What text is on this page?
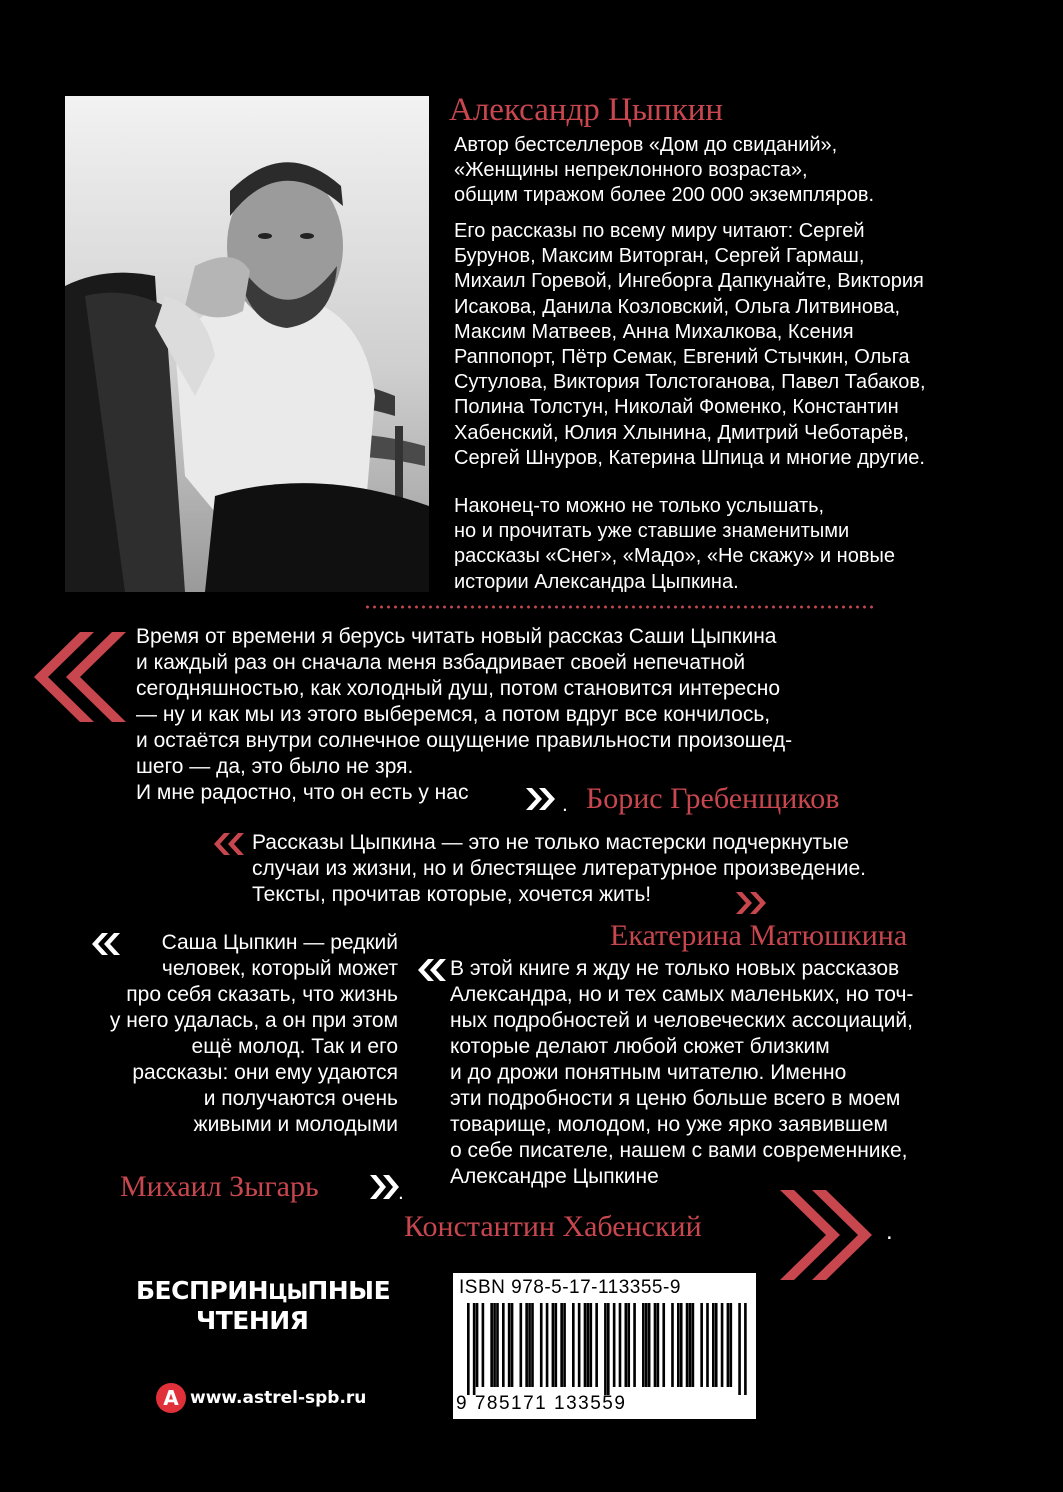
Александр Цыпкин
Автор бестселлеров «Дом до свиданий»,
«Женщины непреклонного возраста»,
общим тиражом более 200 000 экземпляров.
Его рассказы по всему миру читают: Сергей
Бурунов, Максим Виторган, Сергей Гармаш,
Михаил Горевой, Ингеборга Дапкунайте, Виктория
Исакова, Данила Козловский, Ольга Литвинова,
Максим Матвеев, Анна Михалкова, Ксения
Раппопорт, Пётр Семак, Евгений Стычкин, Ольга
Сутулова, Виктория Толстоганова, Павел Табаков,
Полина Толстун, Николай Фоменко, Константин
Хабенский, Юлия Хлынина, Дмитрий Чеботарёв,
Сергей Шнуров, Катерина Шпица и многие другие.
Наконец-то можно не только услышать,
но и прочитать уже ставшие знаменитыми
рассказы «Снег», «Мадо», «Не скажу» и новые
истории Александра Цыпкина.
Время от времени я берусь читать новый рассказ Саши Цыпкина
и каждый раз он сначала меня взбадривает своей непечатной
сегодняшностью, как холодный душ, потом становится интересно
— ну и как мы из этого выберемся, а потом вдруг все кончилось,
и остаётся внутри солнечное ощущение правильности произошед-
шего — да, это было не зря.
И мне радостно, что он есть у нас
. Борис Гребенщиков
Рассказы Цыпкина — это не только мастерски подчеркнутые
случаи из жизни, но и блестящее литературное произведение.
Тексты, прочитав которые, хочется жить!
Екатерина Матюшкина
Саша Цыпкин — редкий
человек, который может
про себя сказать, что жизнь
у него удалась, а он при этом
ещё молод. Так и его
рассказы: они ему удаются
и получаются очень
живыми и молодыми
Михаил Зыгарь	.
В этой книге я жду не только новых рассказов
Александра, но и тех самых маленьких, но точ-
ных подробностей и человеческих ассоциаций,
которые делают любой сюжет близким
и до дрожи понятным читателю. Именно
эти подробности я ценю больше всего в моем
товарище, молодом, но уже ярко заявившем
о себе писателе, нашем с вами современнике,
Александре Цыпкине
Константин Хабенский	.
БЕСПРИНЦЫПНЫЕ
ЧТЕНИЯ
А www.astrel-spb.ru
ISBN 978-5-17-113355-9
9 785171 133559
